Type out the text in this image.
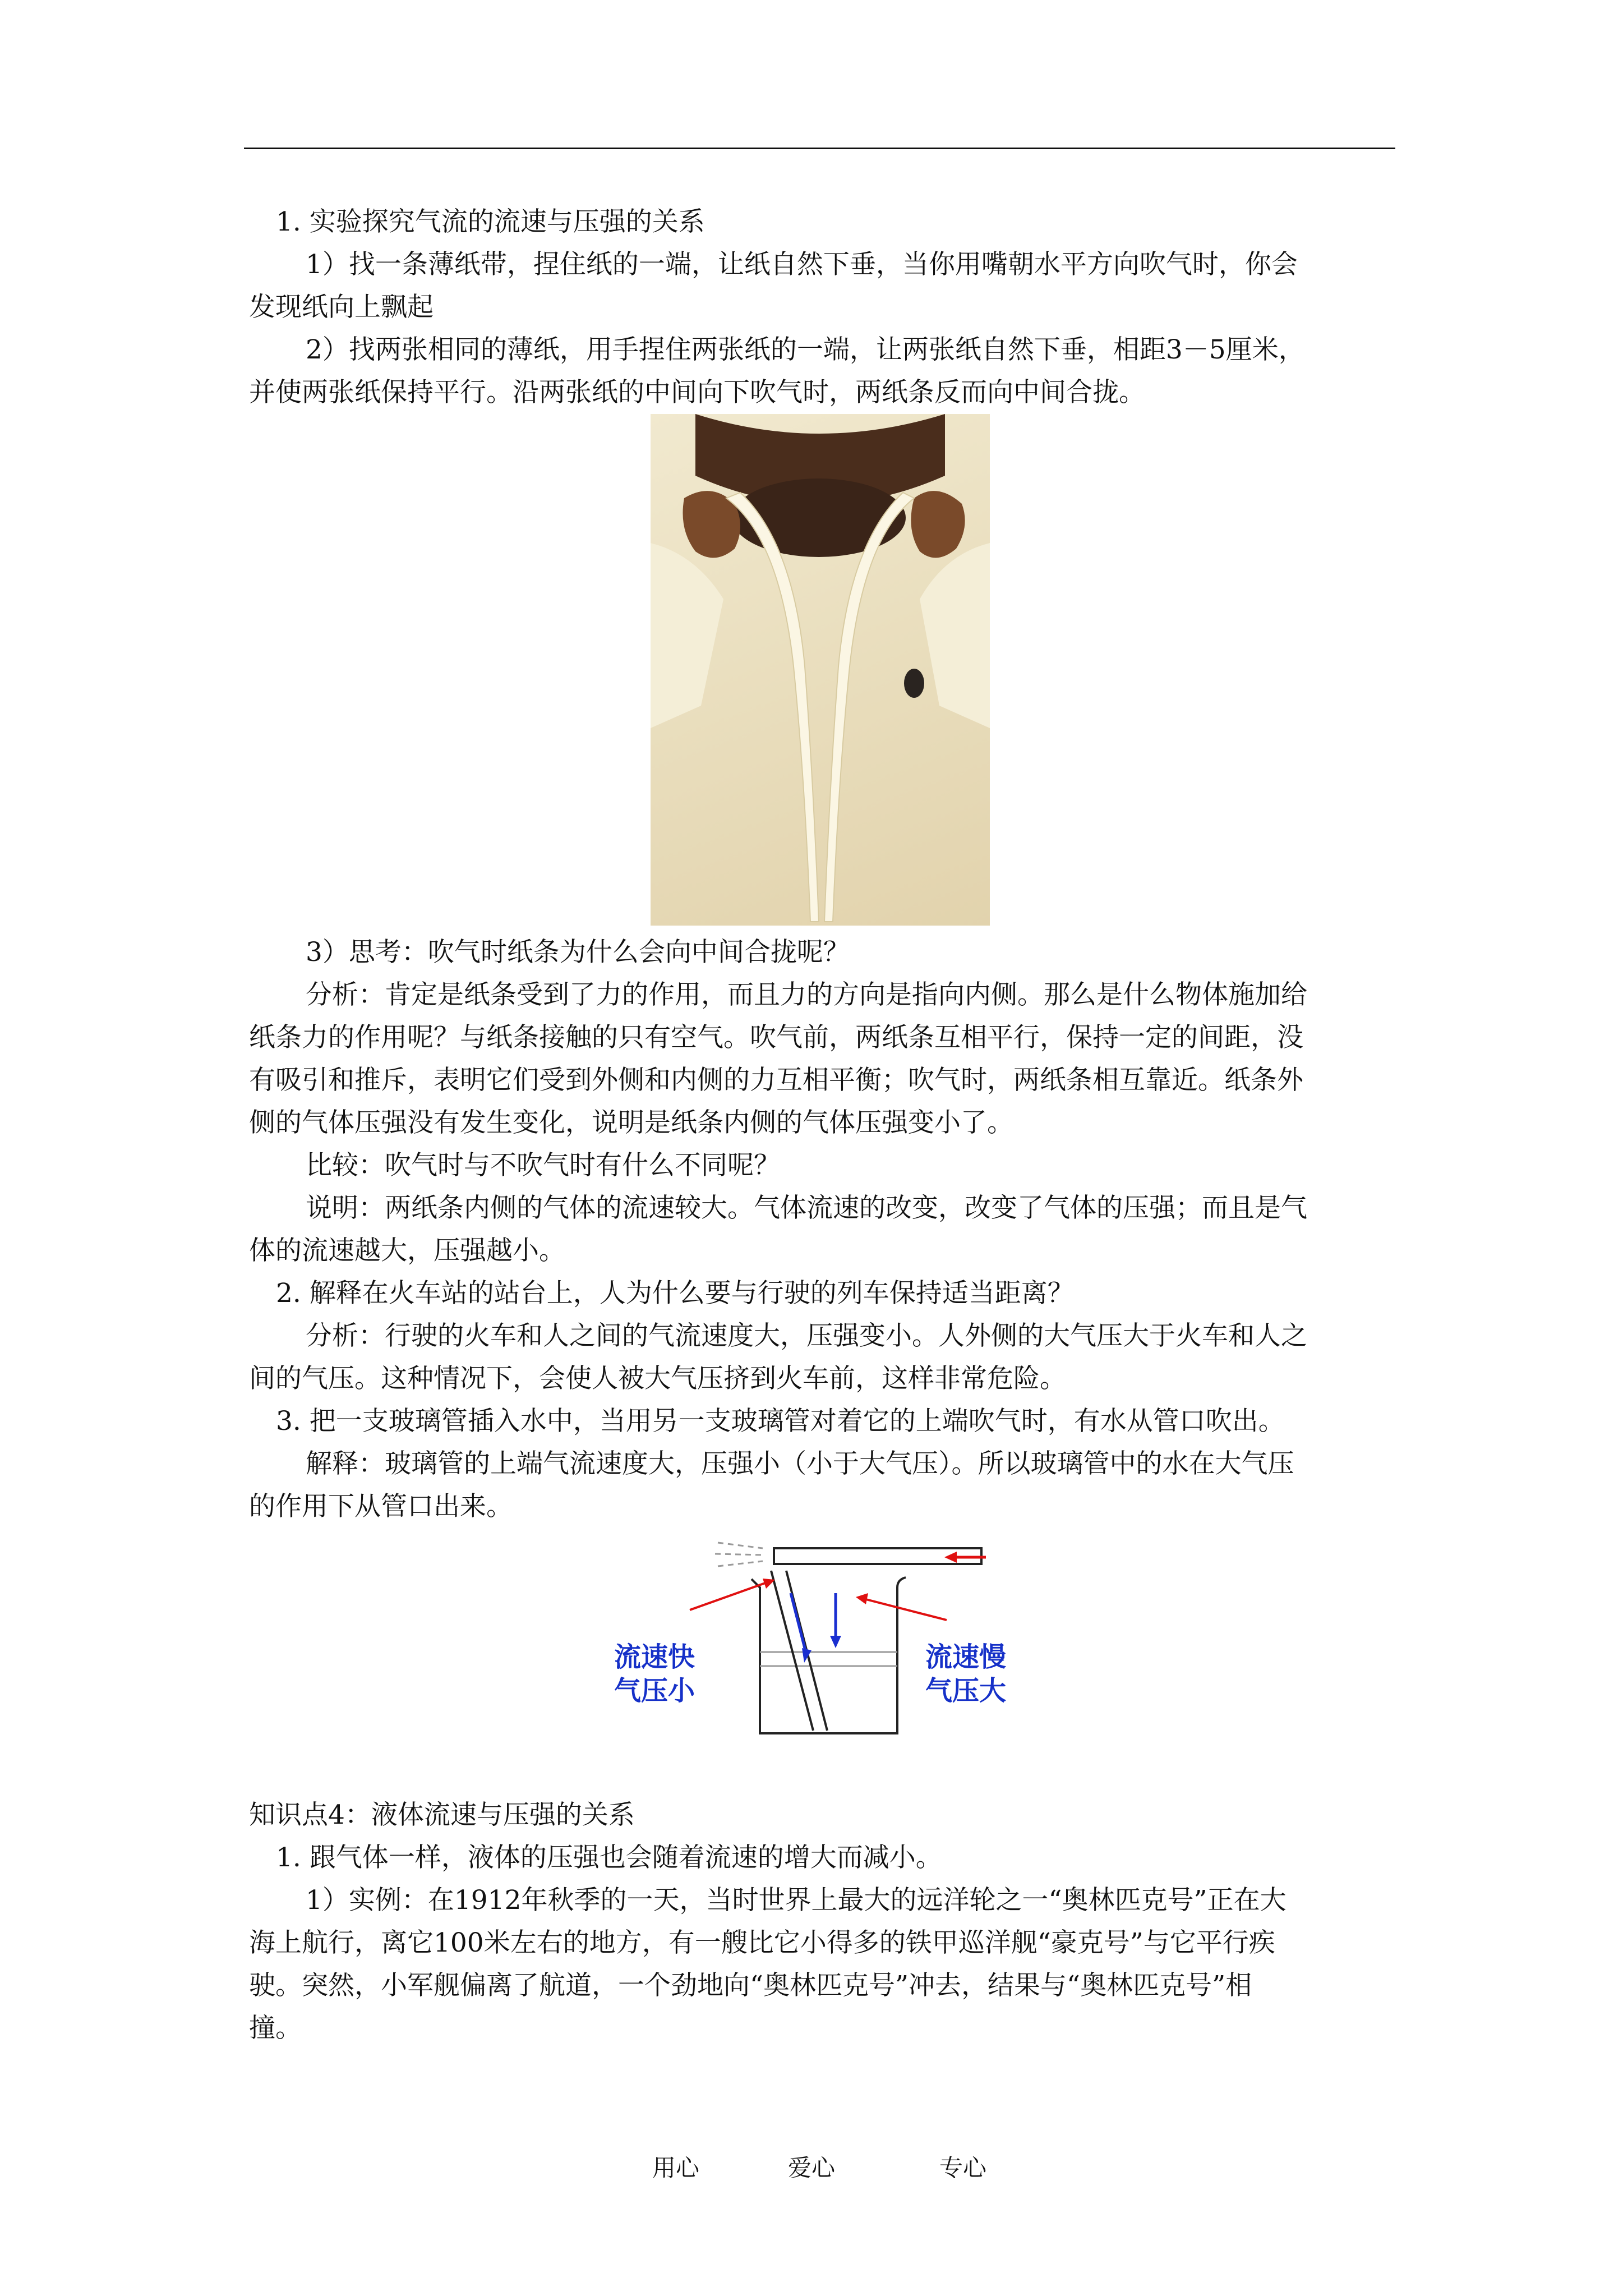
1. 实验探究气流的流速与压强的关系

1）找一条薄纸带，捏住纸的一端，让纸自然下垂，当你用嘴朝水平方向吹气时，你会

发现纸向上飘起

2）找两张相同的薄纸，用手捏住两张纸的一端，让两张纸自然下垂，相距3－5厘米，

并使两张纸保持平行。沿两张纸的中间向下吹气时，两纸条反而向中间合拢。

3）思考：吹气时纸条为什么会向中间合拢呢？

分析：肯定是纸条受到了力的作用，而且力的方向是指向内侧。那么是什么物体施加给

纸条力的作用呢？与纸条接触的只有空气。吹气前，两纸条互相平行，保持一定的间距，没

有吸引和推斥，表明它们受到外侧和内侧的力互相平衡；吹气时，两纸条相互靠近。纸条外

侧的气体压强没有发生变化，说明是纸条内侧的气体压强变小了。

比较：吹气时与不吹气时有什么不同呢？

说明：两纸条内侧的气体的流速较大。气体流速的改变，改变了气体的压强；而且是气

体的流速越大，压强越小。

2. 解释在火车站的站台上，人为什么要与行驶的列车保持适当距离？

分析：行驶的火车和人之间的气流速度大，压强变小。人外侧的大气压大于火车和人之

间的气压。这种情况下，会使人被大气压挤到火车前，这样非常危险。

3. 把一支玻璃管插入水中，当用另一支玻璃管对着它的上端吹气时，有水从管口吹出。

解释：玻璃管的上端气流速度大，压强小（小于大气压）。所以玻璃管中的水在大气压

的作用下从管口出来。

流速快
气压小
流速慢
气压大

知识点4：液体流速与压强的关系

1. 跟气体一样，液体的压强也会随着流速的增大而减小。

1）实例：在1912年秋季的一天，当时世界上最大的远洋轮之一“奥林匹克号”正在大

海上航行，离它100米左右的地方，有一艘比它小得多的铁甲巡洋舰“豪克号”与它平行疾

驶。突然，小军舰偏离了航道，一个劲地向“奥林匹克号”冲去，结果与“奥林匹克号”相

撞。

用心	爱心	专心
